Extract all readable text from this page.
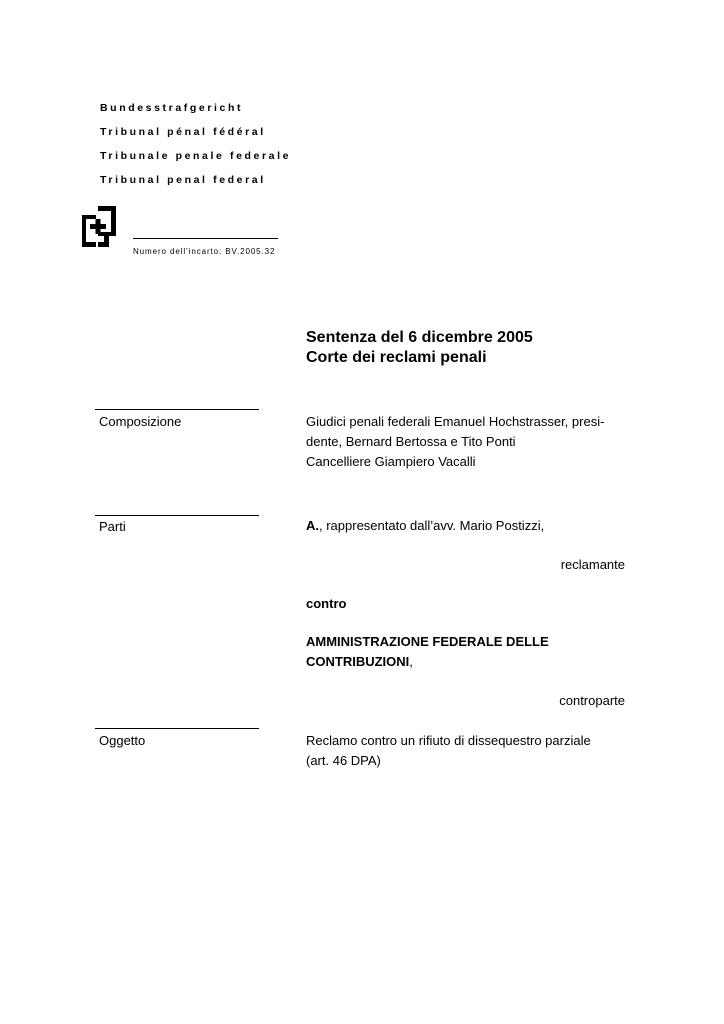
Bundesstrafgericht

Tribunal pénal fédéral

Tribunale penale federale

Tribunal penal federal

Numero dell’incarto: BV.2005.32
Sentenza del 6 dicembre 2005
Corte dei reclami penali
Composizione	Giudici penali federali Emanuel Hochstrasser, presi-
dente, Bernard Bertossa e Tito Ponti
Cancelliere Giampiero Vacalli
Parti	A., rappresentato dall’avv. Mario Postizzi,
reclamante
contro
AMMINISTRAZIONE FEDERALE DELLE
CONTRIBUZIONI,
controparte
Oggetto	Reclamo contro un rifiuto di dissequestro parziale
(art. 46 DPA)
